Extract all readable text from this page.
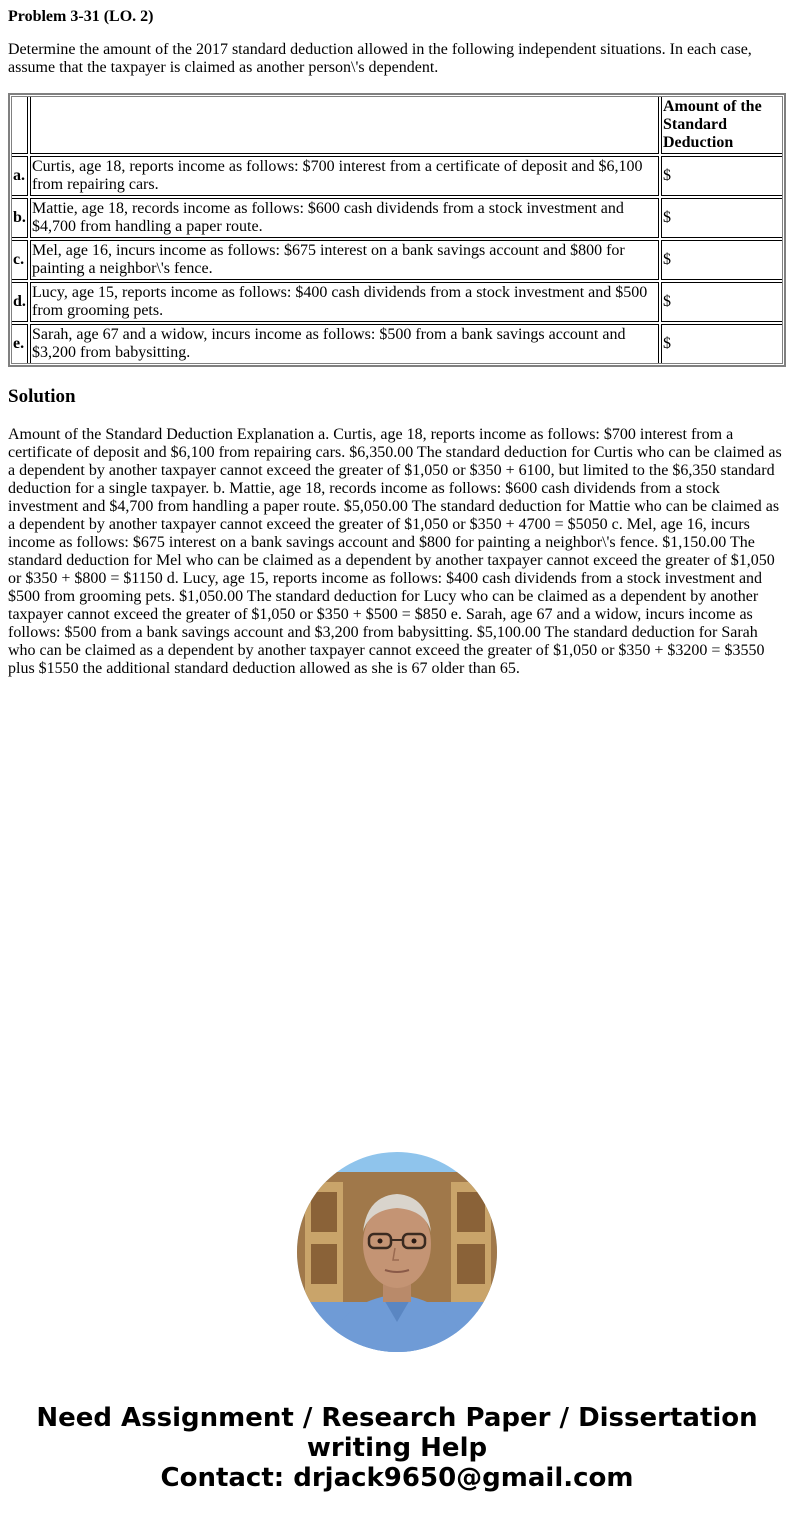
Problem 3-31 (LO. 2)

Determine the amount of the 2017 standard deduction allowed in the following independent situations. In each case, assume that the taxpayer is claimed as another person\'s dependent.

		Amount of the Standard Deduction
a.	Curtis, age 18, reports income as follows: $700 interest from a certificate of deposit and $6,100 from repairing cars.	$
b.	Mattie, age 18, records income as follows: $600 cash dividends from a stock investment and $4,700 from handling a paper route.	$
c.	Mel, age 16, incurs income as follows: $675 interest on a bank savings account and $800 for painting a neighbor\'s fence.	$
d.	Lucy, age 15, reports income as follows: $400 cash dividends from a stock investment and $500 from grooming pets.	$
e.	Sarah, age 67 and a widow, incurs income as follows: $500 from a bank savings account and $3,200 from babysitting.	$
Solution

Amount of the Standard Deduction Explanation a. Curtis, age 18, reports income as follows: $700 interest from a certificate of deposit and $6,100 from repairing cars. $6,350.00 The standard deduction for Curtis who can be claimed as a dependent by another taxpayer cannot exceed the greater of $1,050 or $350 + 6100, but limited to the $6,350 standard deduction for a single taxpayer. b. Mattie, age 18, records income as follows: $600 cash dividends from a stock investment and $4,700 from handling a paper route. $5,050.00 The standard deduction for Mattie who can be claimed as a dependent by another taxpayer cannot exceed the greater of $1,050 or $350 + 4700 = $5050 c. Mel, age 16, incurs income as follows: $675 interest on a bank savings account and $800 for painting a neighbor\'s fence. $1,150.00 The standard deduction for Mel who can be claimed as a dependent by another taxpayer cannot exceed the greater of $1,050 or $350 + $800 = $1150 d. Lucy, age 15, reports income as follows: $400 cash dividends from a stock investment and $500 from grooming pets. $1,050.00 The standard deduction for Lucy who can be claimed as a dependent by another taxpayer cannot exceed the greater of $1,050 or $350 + $500 = $850 e. Sarah, age 67 and a widow, incurs income as follows: $500 from a bank savings account and $3,200 from babysitting. $5,100.00 The standard deduction for Sarah who can be claimed as a dependent by another taxpayer cannot exceed the greater of $1,050 or $350 + $3200 = $3550 plus $1550 the additional standard deduction allowed as she is 67 older than 65.

Need Assignment / Research Paper / Dissertation
writing Help
Contact: drjack9650@gmail.com
